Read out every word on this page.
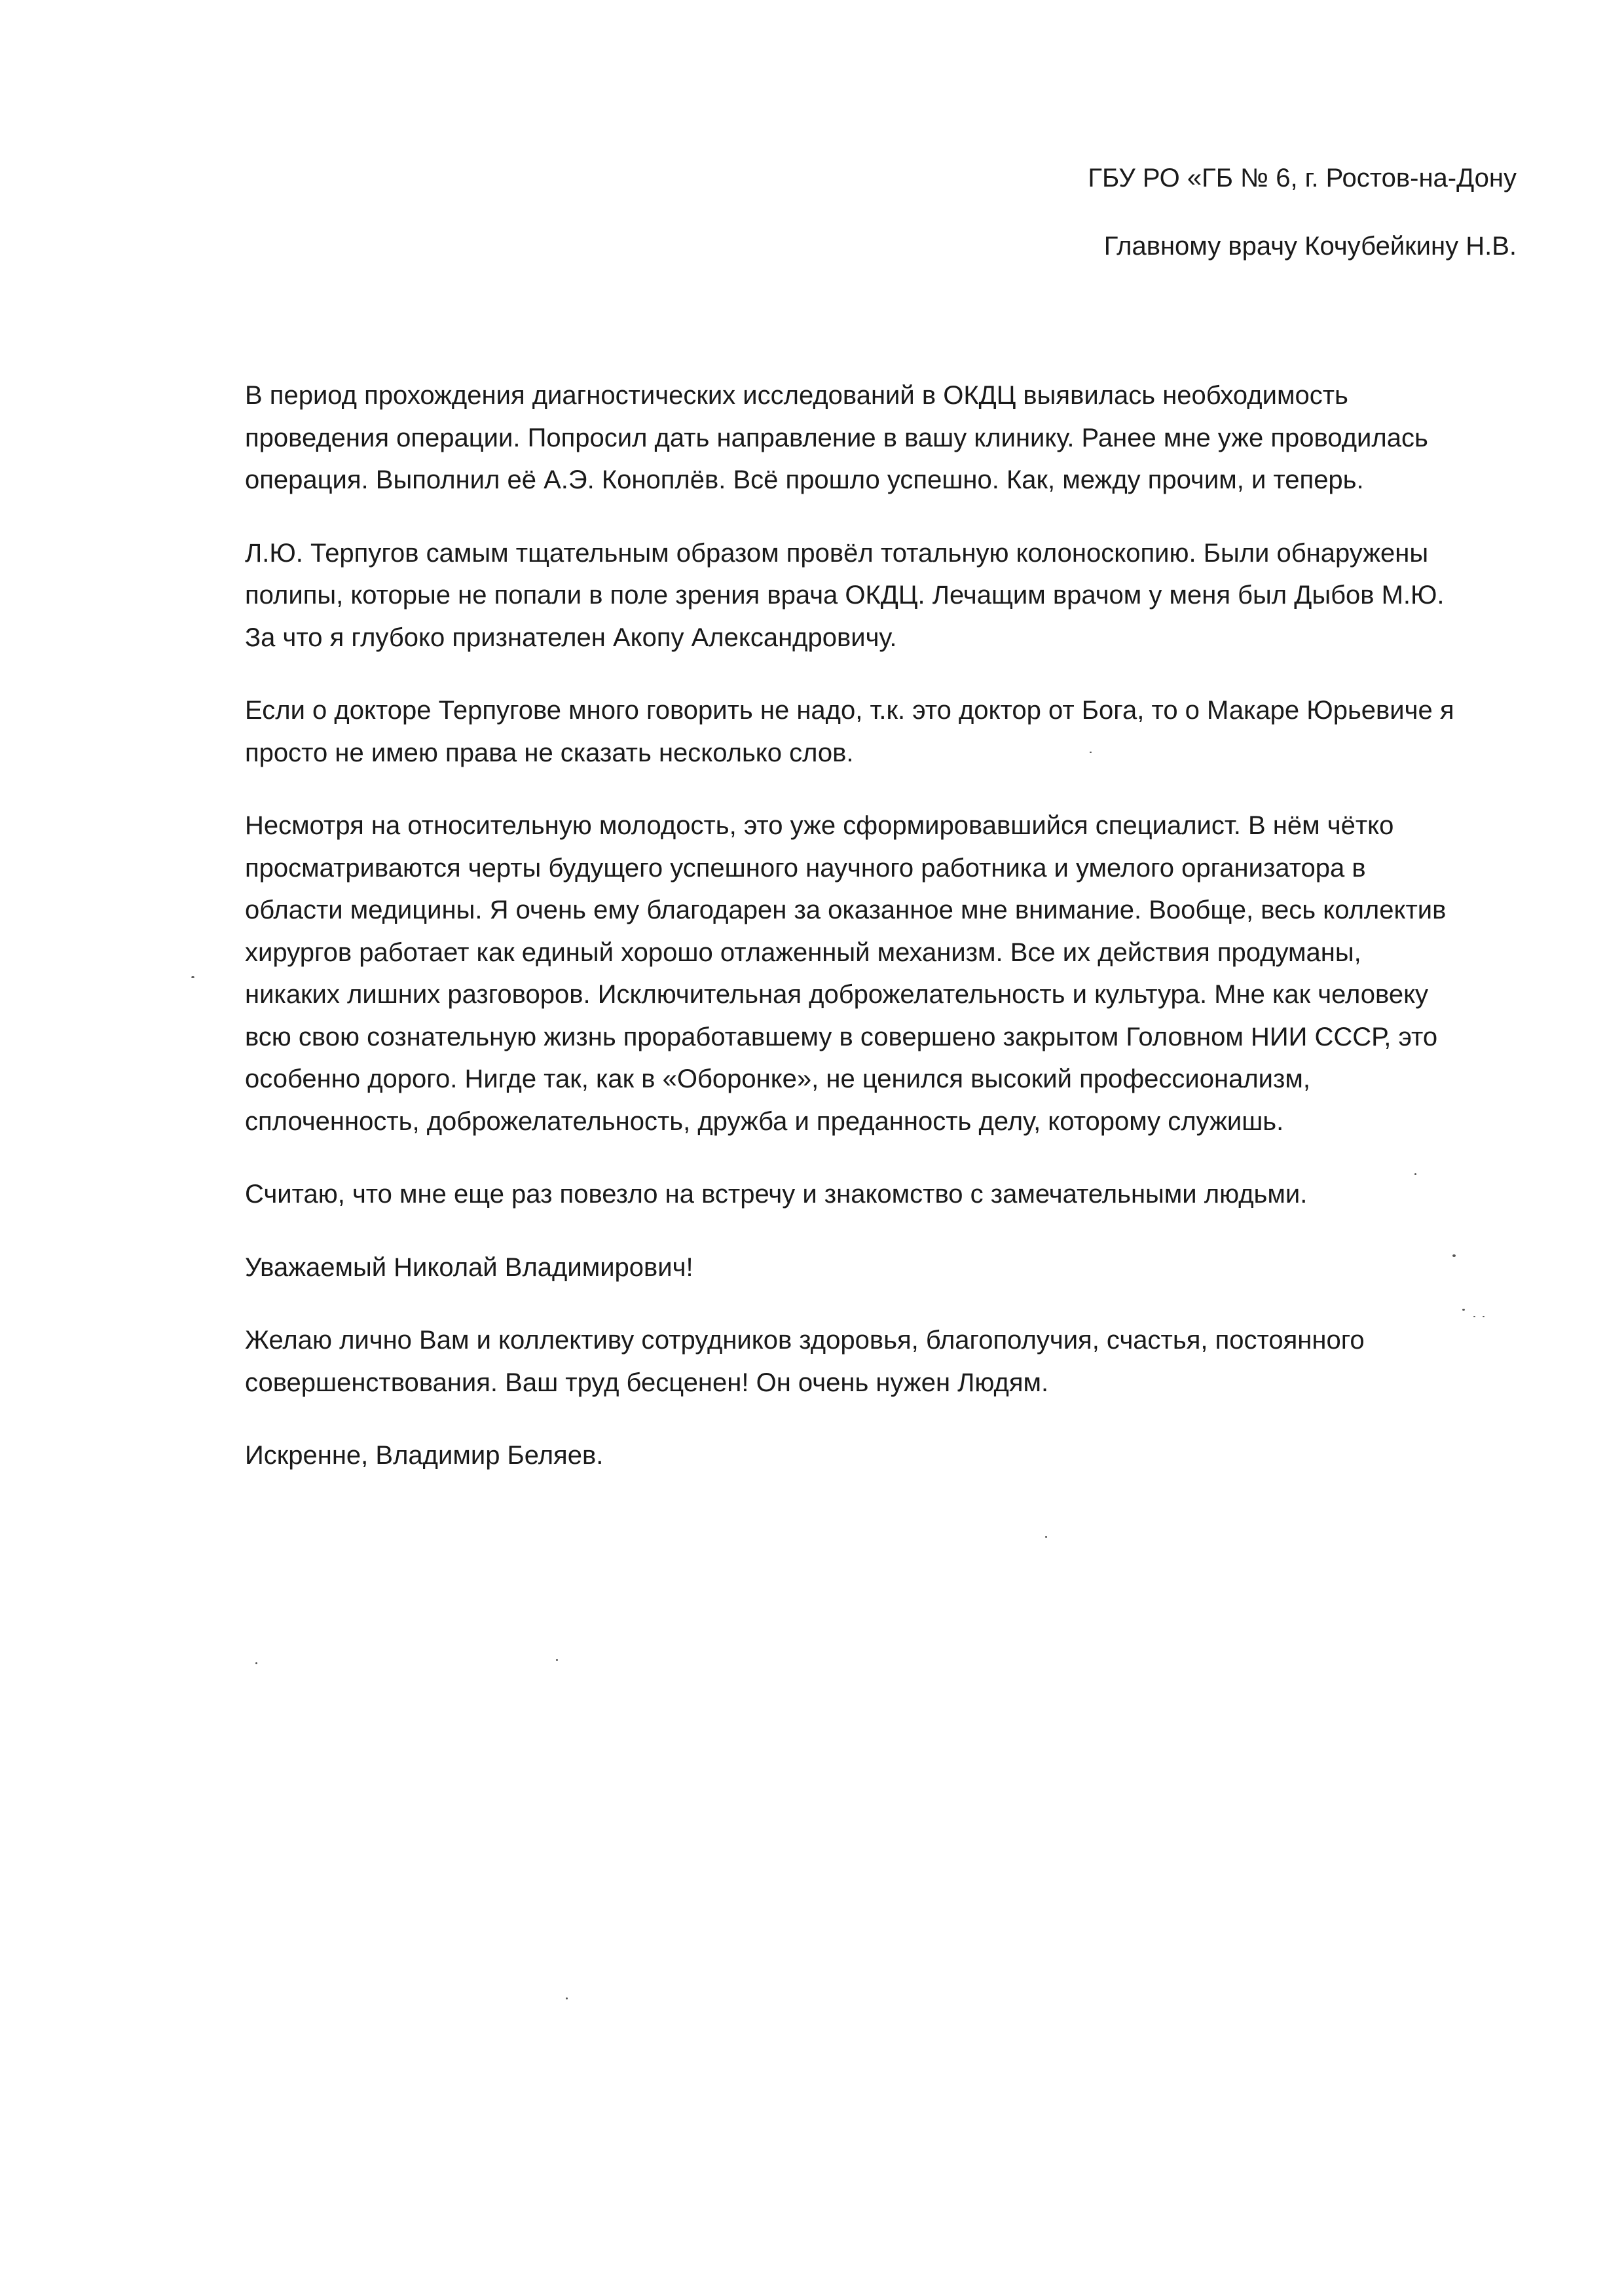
ГБУ РО «ГБ № 6, г. Ростов-на-Дону
Главному врачу Кочубейкину Н.В.

В период прохождения диагностических исследований в ОКДЦ выявилась необходимость
проведения операции. Попросил дать направление в вашу клинику. Ранее мне уже проводилась
операция. Выполнил её А.Э. Коноплёв. Всё прошло успешно. Как, между прочим, и теперь.

Л.Ю. Терпугов самым тщательным образом провёл тотальную колоноскопию. Были обнаружены
полипы, которые не попали в поле зрения врача ОКДЦ. Лечащим врачом у меня был Дыбов М.Ю.
За что я глубоко признателен Акопу Александровичу.

Если о докторе Терпугове много говорить не надо, т.к. это доктор от Бога, то о Макаре Юрьевиче я
просто не имею права не сказать несколько слов.

Несмотря на относительную молодость, это уже сформировавшийся специалист. В нём чётко
просматриваются черты будущего успешного научного работника и умелого организатора в
области медицины. Я очень ему благодарен за оказанное мне внимание. Вообще, весь коллектив
хирургов работает как единый хорошо отлаженный механизм. Все их действия продуманы,
никаких лишних разговоров. Исключительная доброжелательность и культура. Мне как человеку
всю свою сознательную жизнь проработавшему в совершено закрытом Головном НИИ СССР, это
особенно дорого. Нигде так, как в «Оборонке», не ценился высокий профессионализм,
сплоченность, доброжелательность, дружба и преданность делу, которому служишь.

Считаю, что мне еще раз повезло на встречу и знакомство с замечательными людьми.

Уважаемый Николай Владимирович!

Желаю лично Вам и коллективу сотрудников здоровья, благополучия, счастья, постоянного
совершенствования. Ваш труд бесценен! Он очень нужен Людям.

Искренне, Владимир Беляев.
